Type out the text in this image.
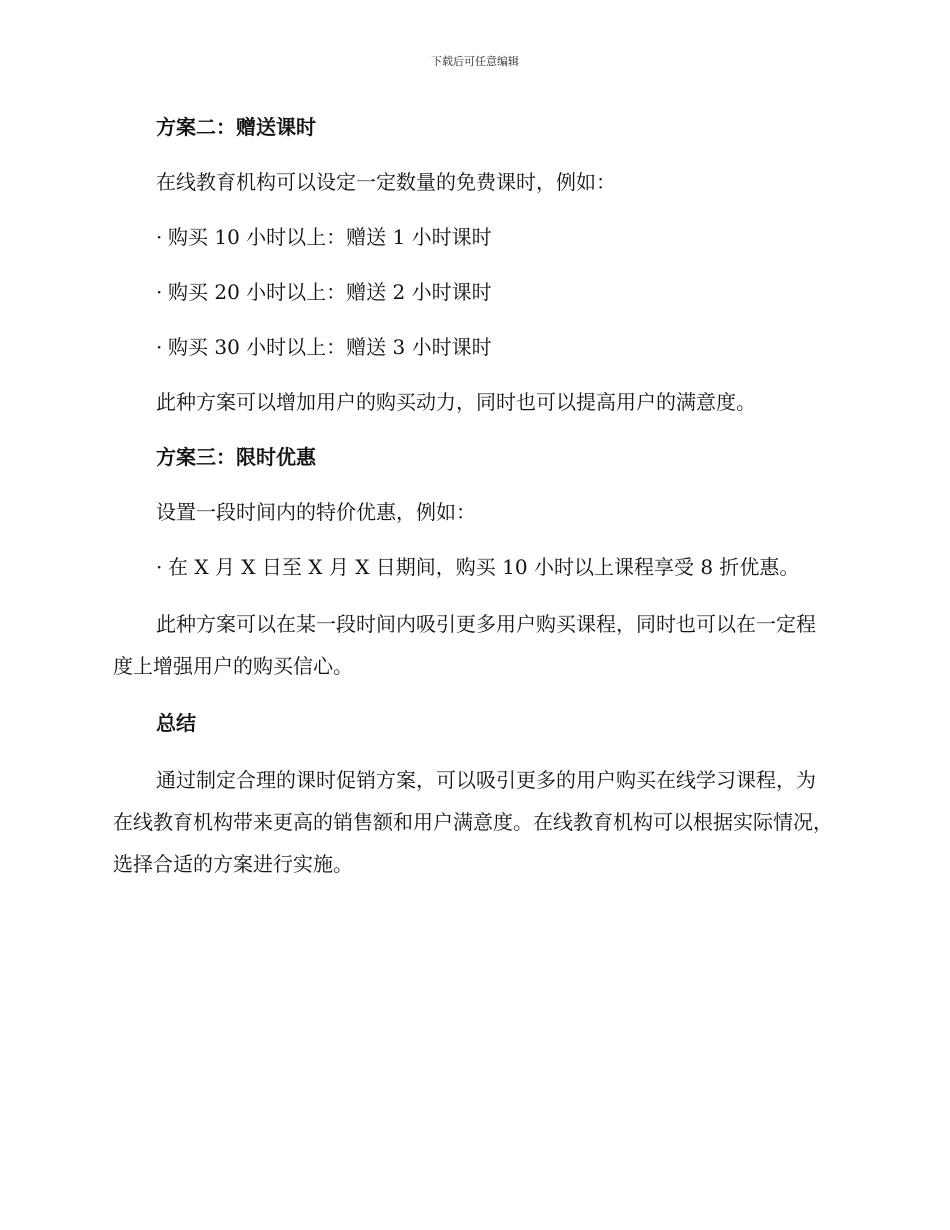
下载后可任意编辑
方案二：赠送课时

在线教育机构可以设定一定数量的免费课时，例如：

· 购买 10 小时以上：赠送 1 小时课时

· 购买 20 小时以上：赠送 2 小时课时

· 购买 30 小时以上：赠送 3 小时课时

此种方案可以增加用户的购买动力，同时也可以提高用户的满意度。

方案三：限时优惠

设置一段时间内的特价优惠，例如：

· 在 X 月 X 日至 X 月 X 日期间，购买 10 小时以上课程享受 8 折优惠。

此种方案可以在某一段时间内吸引更多用户购买课程，同时也可以在一定程度上增强用户的购买信心。

总结

通过制定合理的课时促销方案，可以吸引更多的用户购买在线学习课程，为在线教育机构带来更高的销售额和用户满意度。在线教育机构可以根据实际情况，选择合适的方案进行实施。
